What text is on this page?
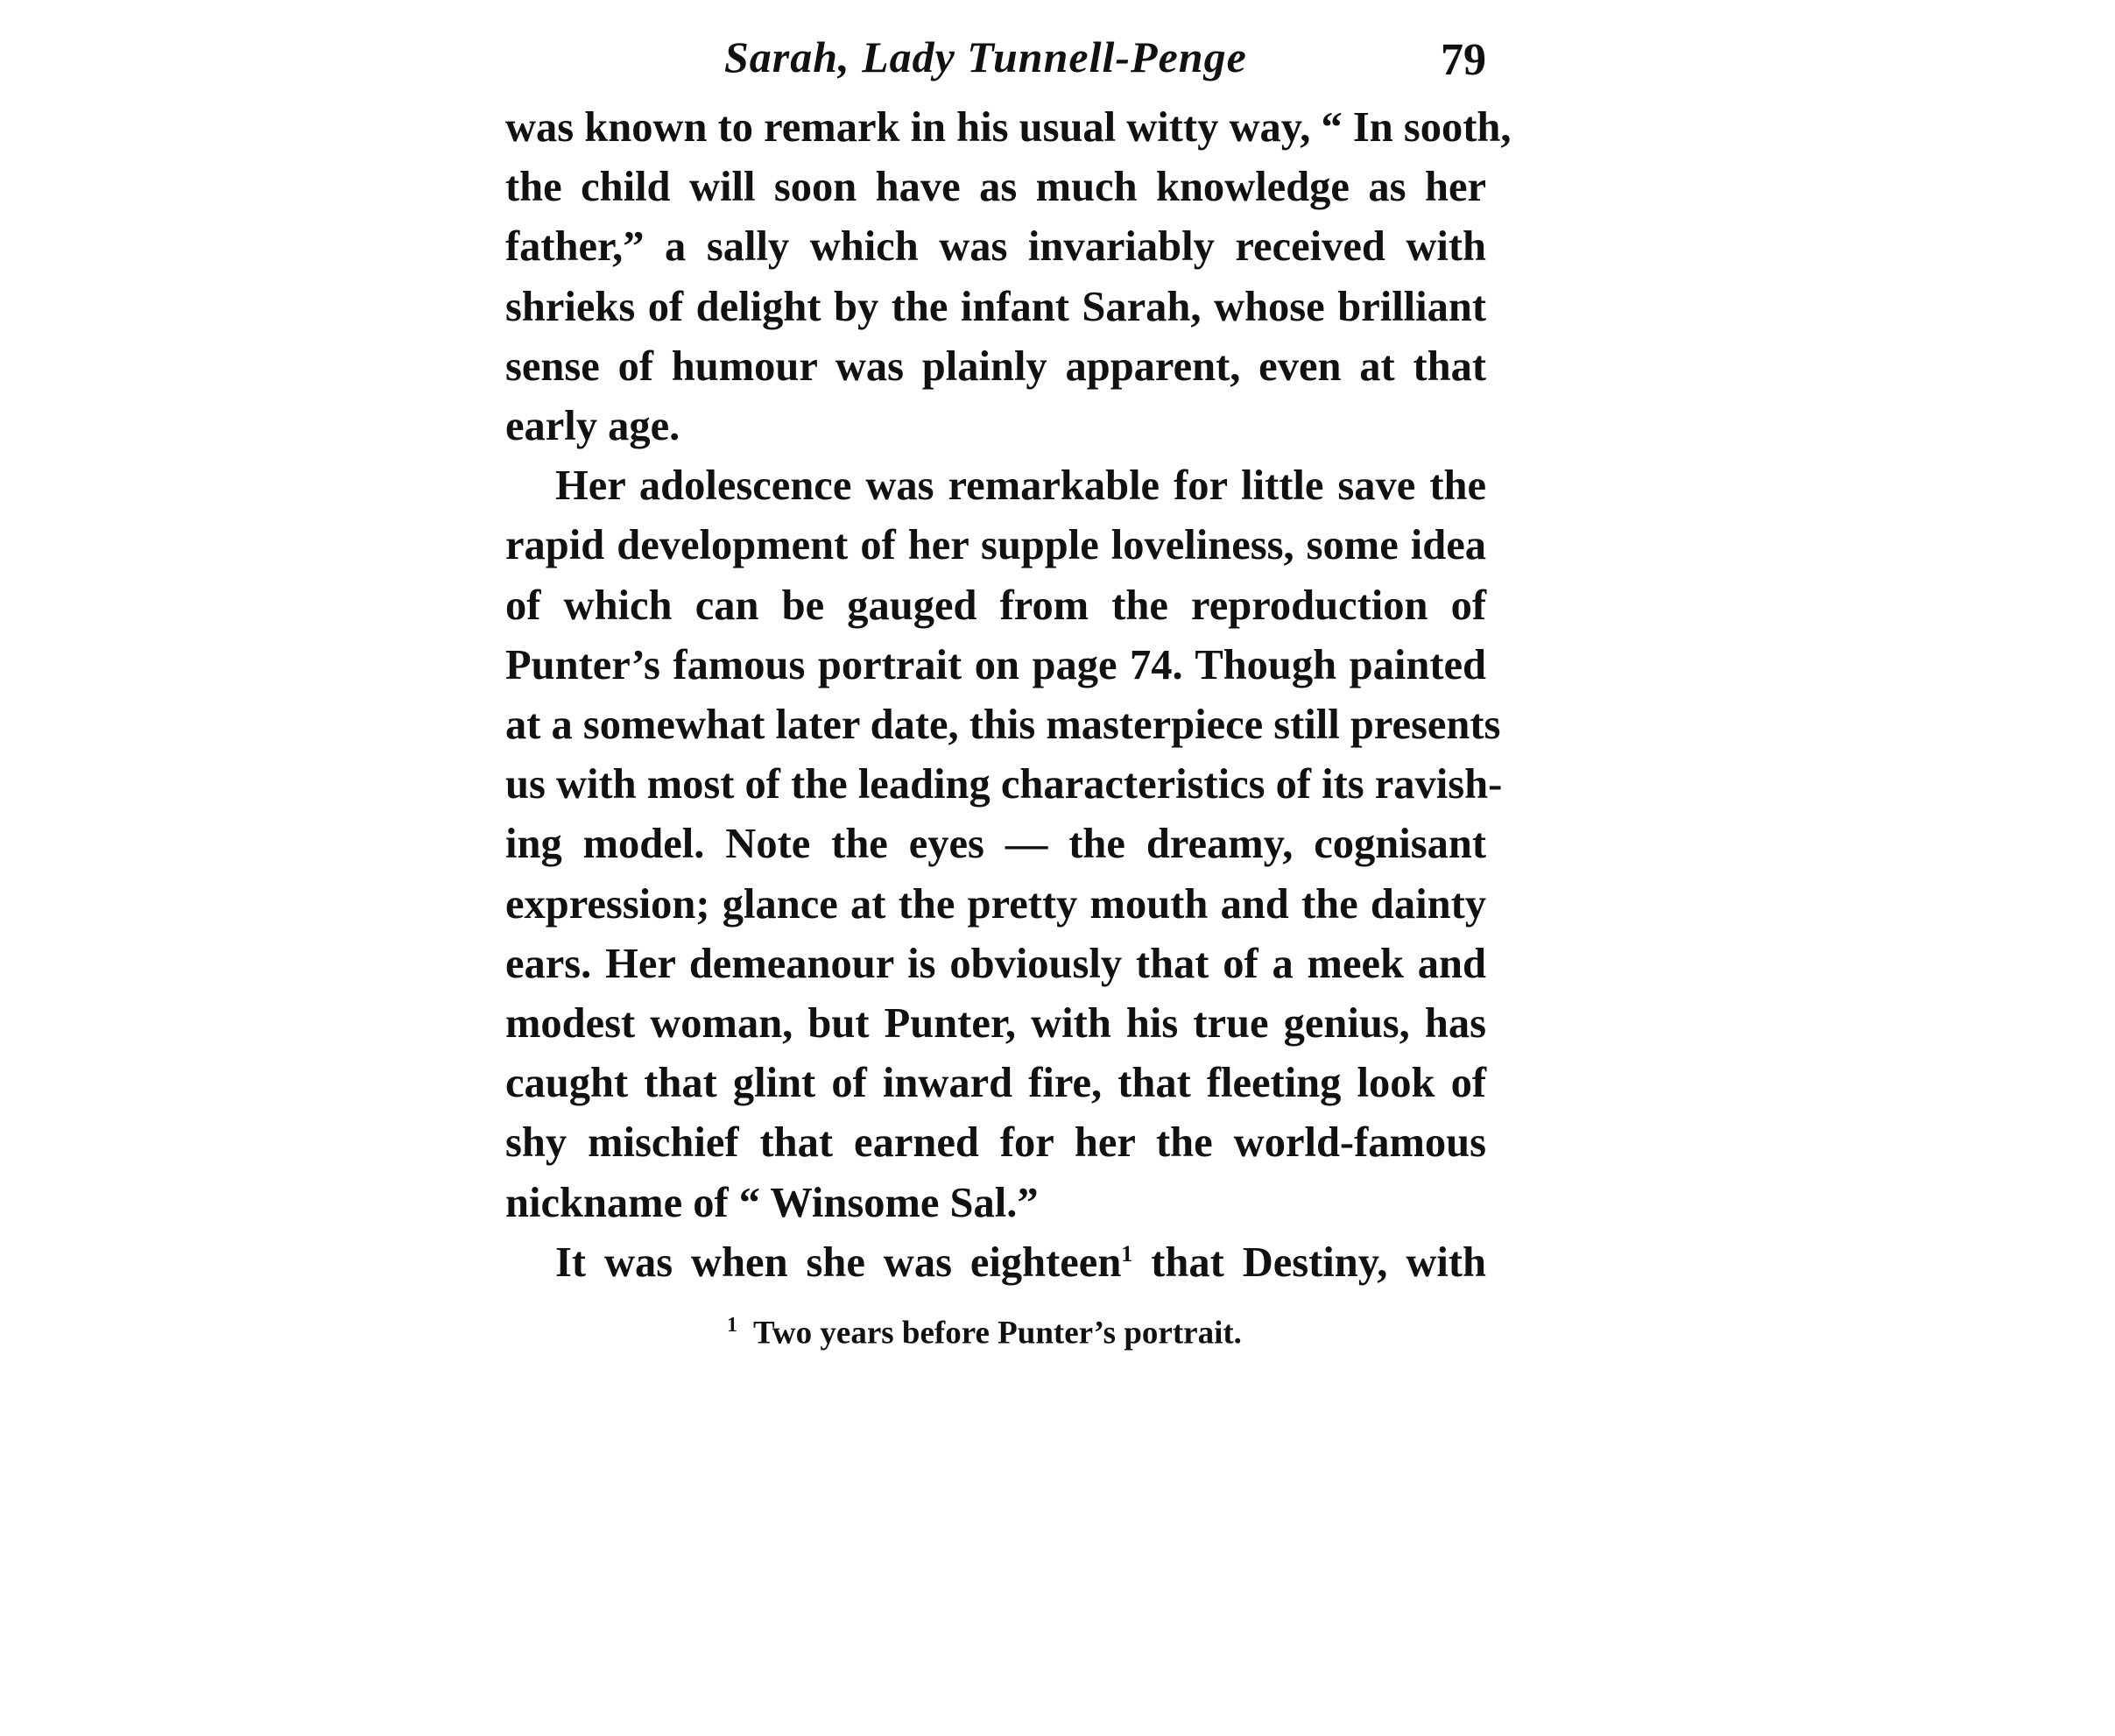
Sarah, Lady Tunnell-Penge	79

was known to remark in his usual witty way, “ In sooth,
the child will soon have as much knowledge as her
father,” a sally which was invariably received with
shrieks of delight by the infant Sarah, whose brilliant
sense of humour was plainly apparent, even at that
early age.

Her adolescence was remarkable for little save the
rapid development of her supple loveliness, some idea
of which can be gauged from the reproduction of
Punter’s famous portrait on page 74. Though painted
at a somewhat later date, this masterpiece still presents
us with most of the leading characteristics of its ravish-
ing model. Note the eyes — the dreamy, cognisant
expression; glance at the pretty mouth and the dainty
ears. Her demeanour is obviously that of a meek and
modest woman, but Punter, with his true genius, has
caught that glint of inward fire, that fleeting look of
shy mischief that earned for her the world-famous
nickname of “ Winsome Sal.”

It was when she was eighteen$^1$ that Destiny, with

$^1$ Two years before Punter’s portrait.
